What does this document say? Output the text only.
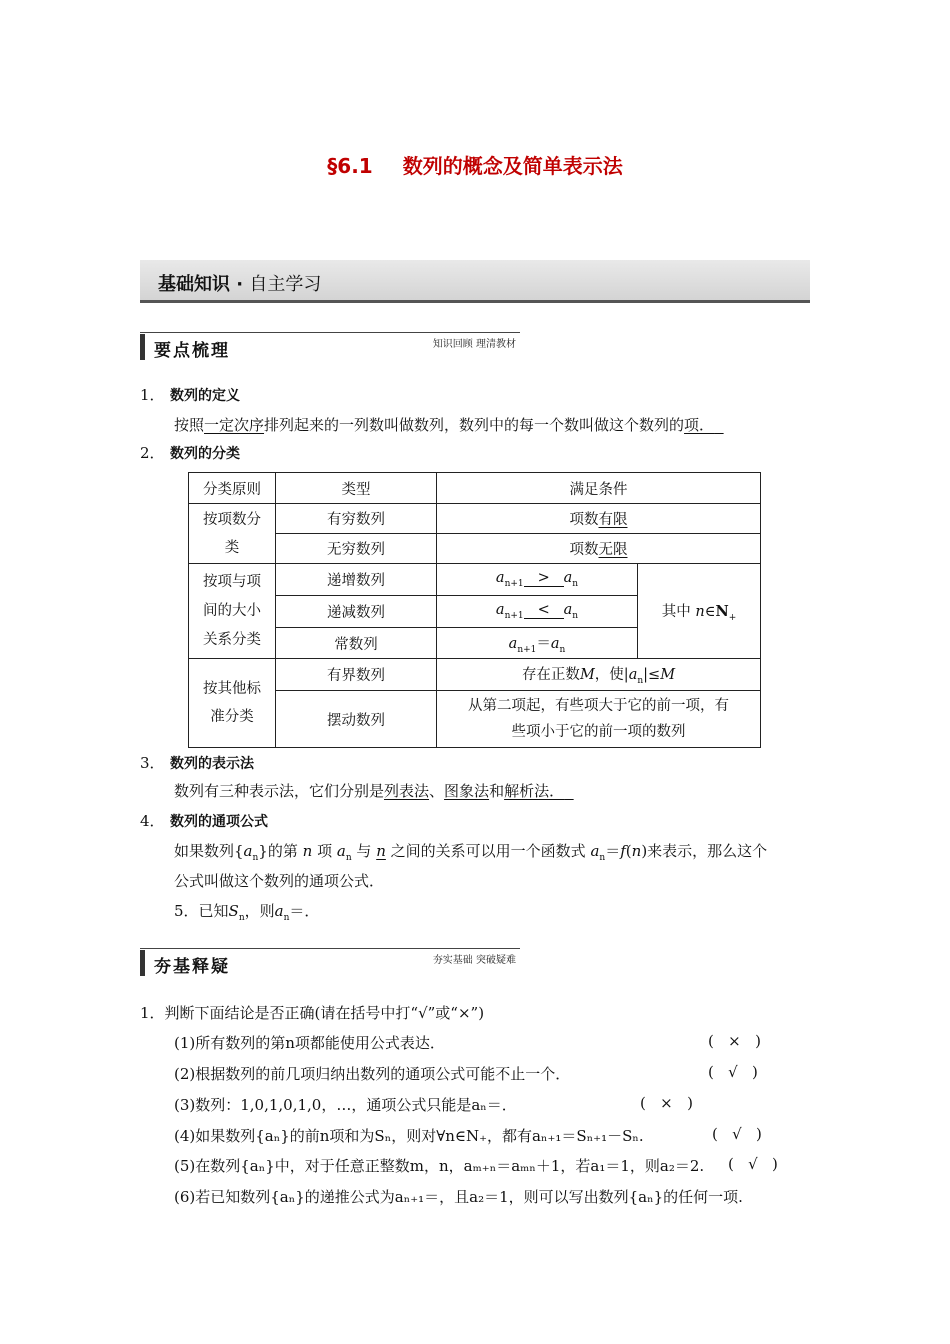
§6.1 数列的概念及简单表示法
基础知识 · 自主学习
要点梳理	知识回顾 理清教材
1． 数列的定义
按照一定次序排列起来的一列数叫做数列，数列中的每一个数叫做这个数列的项．
2． 数列的分类
分类原则	类型	满足条件	

按项数分类	有穷数列	项数有限	
	无穷数列	项数无限	

按项与项间的大小关系分类	递增数列	$a_{n+1} > a_n$	其中 $n\in N_+$
	递减数列	$a_{n+1} < a_n$
	常数列	$a_{n+1}=a_n$

按其他标准分类	有界数列	存在正数M，使$|a_n|\le M$	
	摆动数列	从第二项起，有些项大于它的前一项，有
些项小于它的前一项的数列	
3． 数列的表示法
数列有三种表示法，它们分别是列表法、图象法和解析法．
4． 数列的通项公式
如果数列$\{a_n\}$的第 n 项 $a_n$ 与 n 之间的关系可以用一个函数式 $a_n=f(n)$来表示，那么这个
公式叫做这个数列的通项公式．
5．已知$S_n$，则$a_n=$．
夯基释疑	夯实基础 突破疑难
1．判断下面结论是否正确(请在括号中打“√”或“×”)
(1)所有数列的第n项都能使用公式表达．	( × )
(2)根据数列的前几项归纳出数列的通项公式可能不止一个．	( √ )
(3)数列：1,0,1,0,1,0，…，通项公式只能是aₙ＝．	( × )
(4)如果数列{aₙ}的前n项和为Sₙ，则对∀n∈N₊，都有aₙ₊₁＝Sₙ₊₁－Sₙ.	( √ )
(5)在数列{aₙ}中，对于任意正整数m，n，aₘ₊ₙ＝aₘₙ＋1，若a₁＝1，则a₂＝2. ( √ )
(6)若已知数列{aₙ}的递推公式为aₙ₊₁＝，且a₂＝1，则可以写出数列{aₙ}的任何一项.
